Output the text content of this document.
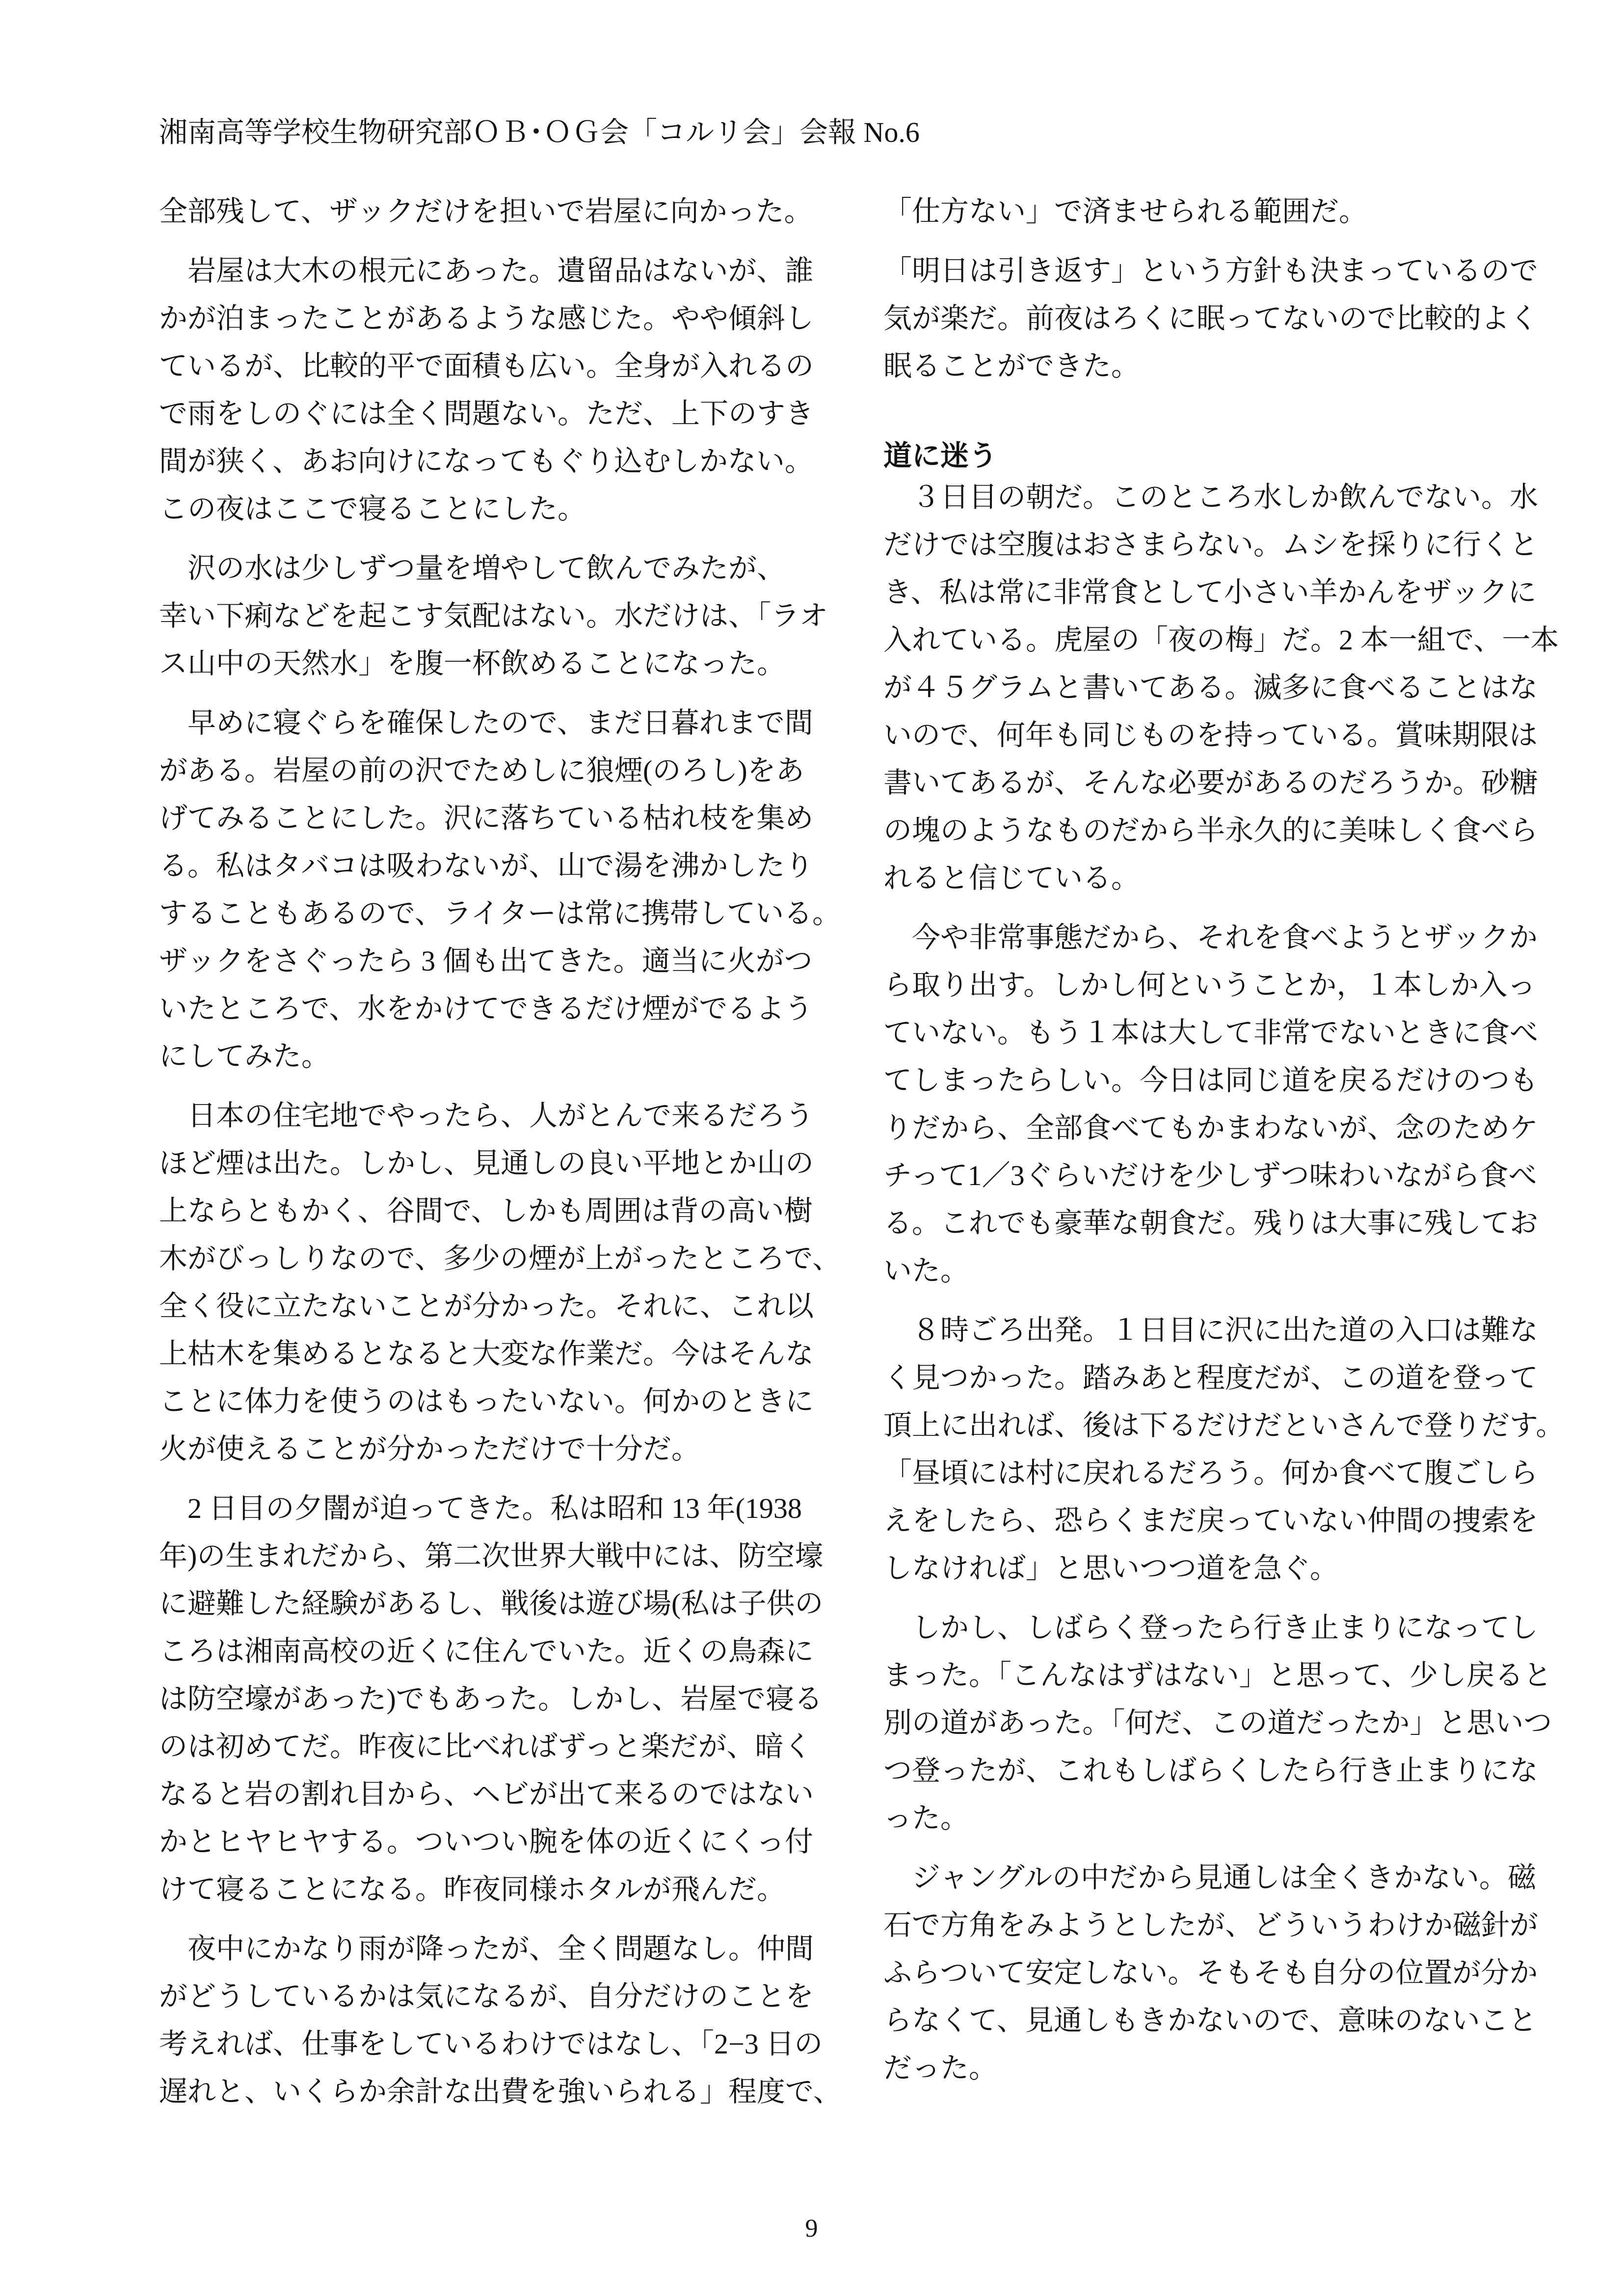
湘南高等学校生物研究部ＯＢ･ＯＧ会「コルリ会」会報 No.6
全部残して、ザックだけを担いで岩屋に向かった。
　岩屋は大木の根元にあった。遺留品はないが、誰
かが泊まったことがあるような感じた。やや傾斜し
ているが、比較的平で面積も広い。全身が入れるの
で雨をしのぐには全く問題ない。ただ、上下のすき
間が狭く、あお向けになってもぐり込むしかない。
この夜はここで寝ることにした。
　沢の水は少しずつ量を増やして飲んでみたが、
幸い下痢などを起こす気配はない。水だけは、「ラオ
ス山中の天然水」を腹一杯飲めることになった。
　早めに寝ぐらを確保したので、まだ日暮れまで間
がある。岩屋の前の沢でためしに狼煙(のろし)をあ
げてみることにした。沢に落ちている枯れ枝を集め
る。私はタバコは吸わないが、山で湯を沸かしたり
することもあるので、ライターは常に携帯している。
ザックをさぐったら 3 個も出てきた。適当に火がつ
いたところで、水をかけてできるだけ煙がでるよう
にしてみた。
　日本の住宅地でやったら、人がとんで来るだろう
ほど煙は出た。しかし、見通しの良い平地とか山の
上ならともかく、谷間で、しかも周囲は背の高い樹
木がびっしりなので、多少の煙が上がったところで、
全く役に立たないことが分かった。それに、これ以
上枯木を集めるとなると大変な作業だ。今はそんな
ことに体力を使うのはもったいない。何かのときに
火が使えることが分かっただけで十分だ。
　2 日目の夕闇が迫ってきた。私は昭和 13 年(1938
年)の生まれだから、第二次世界大戦中には、防空壕
に避難した経験があるし、戦後は遊び場(私は子供の
ころは湘南高校の近くに住んでいた。近くの鳥森に
は防空壕があった)でもあった。しかし、岩屋で寝る
のは初めてだ。昨夜に比べればずっと楽だが、暗く
なると岩の割れ目から、ヘビが出て来るのではない
かとヒヤヒヤする。ついつい腕を体の近くにくっ付
けて寝ることになる。昨夜同様ホタルが飛んだ。
　夜中にかなり雨が降ったが、全く問題なし。仲間
がどうしているかは気になるが、自分だけのことを
考えれば、仕事をしているわけではなし、「2−3 日の
遅れと、いくらか余計な出費を強いられる」程度で、
「仕方ない」で済ませられる範囲だ。
「明日は引き返す」という方針も決まっているので
気が楽だ。前夜はろくに眠ってないので比較的よく
眠ることができた。
道に迷う
　３日目の朝だ。このところ水しか飲んでない。水
だけでは空腹はおさまらない。ムシを採りに行くと
き、私は常に非常食として小さい羊かんをザックに
入れている。虎屋の「夜の梅」だ。2 本一組で、一本
が４５グラムと書いてある。滅多に食べることはな
いので、何年も同じものを持っている。賞味期限は
書いてあるが、そんな必要があるのだろうか。砂糖
の塊のようなものだから半永久的に美味しく食べら
れると信じている。
　今や非常事態だから、それを食べようとザックか
ら取り出す。しかし何ということか，１本しか入っ
ていない。もう１本は大して非常でないときに食べ
てしまったらしい。今日は同じ道を戻るだけのつも
りだから、全部食べてもかまわないが、念のためケ
チって1／3ぐらいだけを少しずつ味わいながら食べ
る。これでも豪華な朝食だ。残りは大事に残してお
いた。
　８時ごろ出発。１日目に沢に出た道の入口は難な
く見つかった。踏みあと程度だが、この道を登って
頂上に出れば、後は下るだけだといさんで登りだす。
「昼頃には村に戻れるだろう。何か食べて腹ごしら
えをしたら、恐らくまだ戻っていない仲間の捜索を
しなければ」と思いつつ道を急ぐ。
　しかし、しばらく登ったら行き止まりになってし
まった。「こんなはずはない」と思って、少し戻ると
別の道があった。「何だ、この道だったか」と思いつ
つ登ったが、これもしばらくしたら行き止まりにな
った。
　ジャングルの中だから見通しは全くきかない。磁
石で方角をみようとしたが、どういうわけか磁針が
ふらついて安定しない。そもそも自分の位置が分か
らなくて、見通しもきかないので、意味のないこと
だった。
9
